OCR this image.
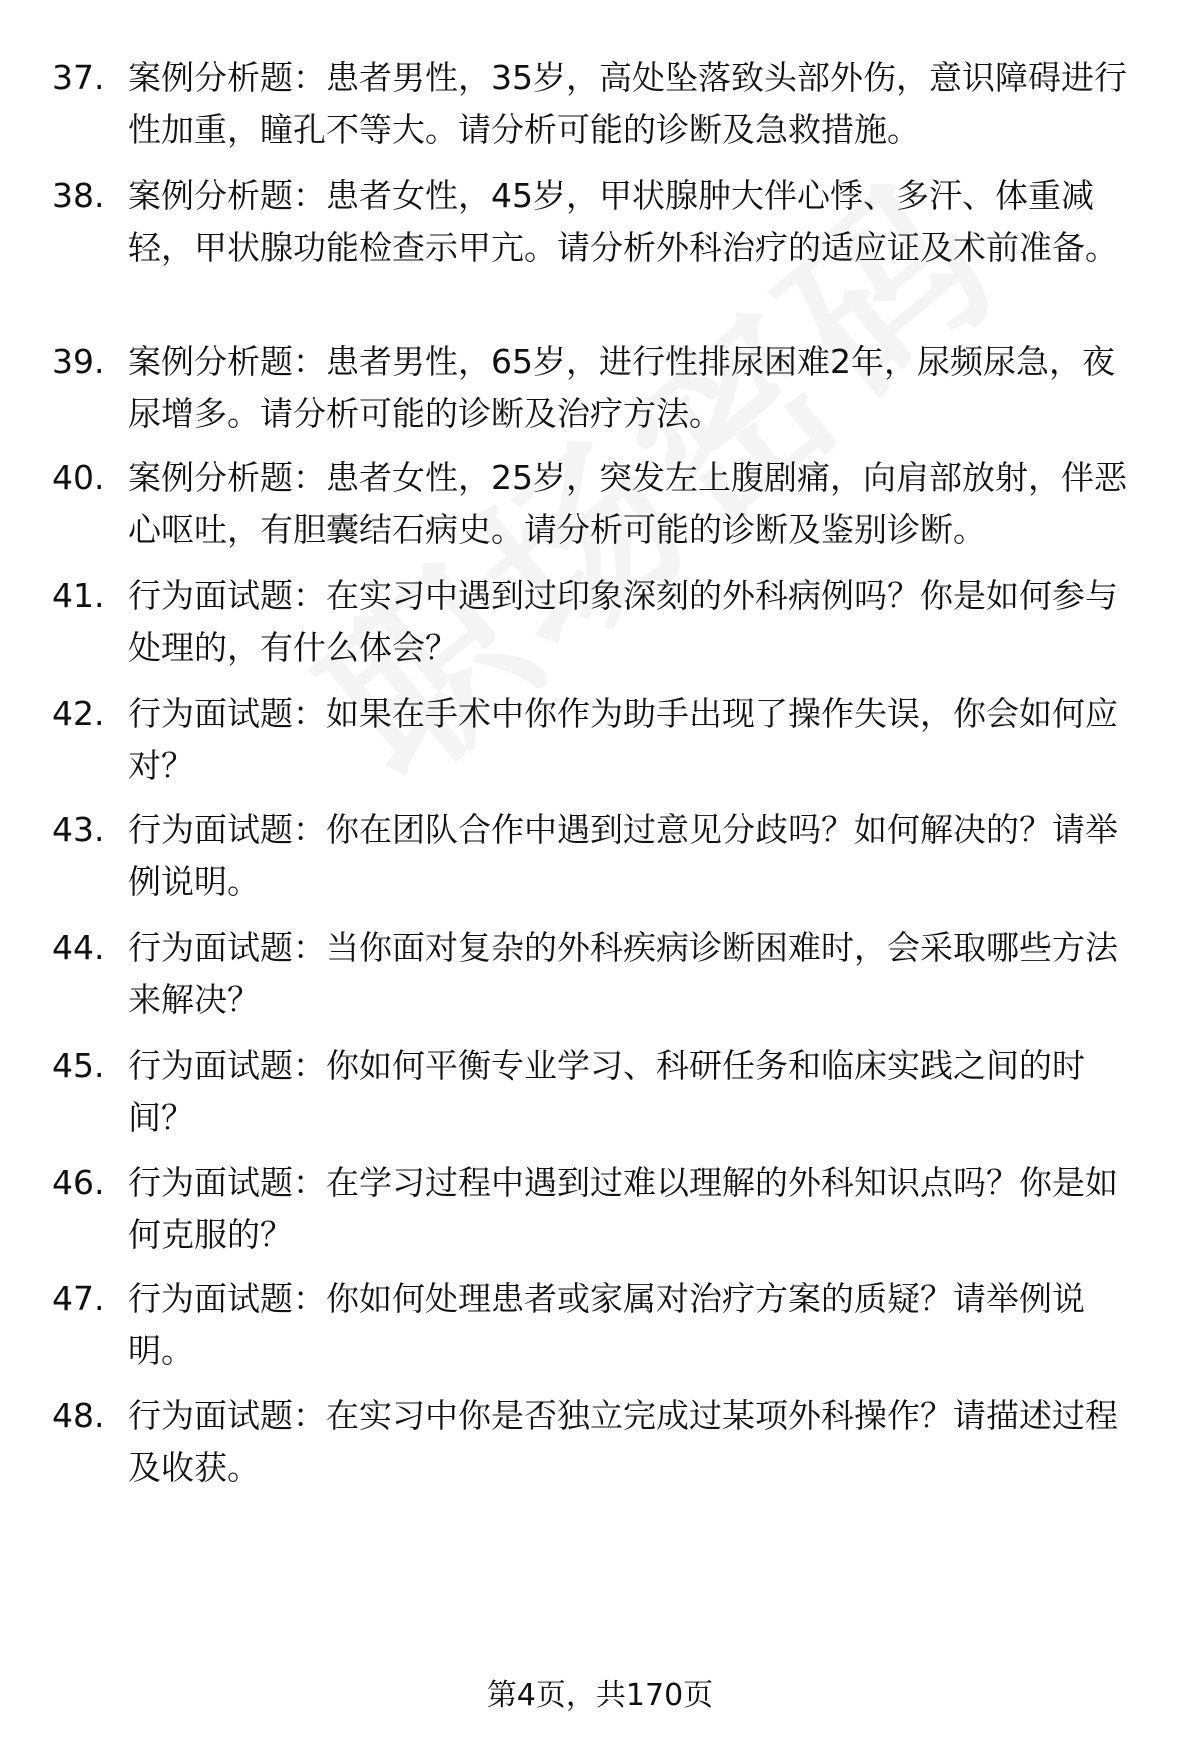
37. 案例分析题：患者男性，35岁，高处坠落致头部外伤，意识障碍进行性加重，瞳孔不等大。请分析可能的诊断及急救措施。
38. 案例分析题：患者女性，45岁，甲状腺肿大伴心悸、多汗、体重减轻，甲状腺功能检查示甲亢。请分析外科治疗的适应证及术前准备。
39. 案例分析题：患者男性，65岁，进行性排尿困难2年，尿频尿急，夜尿增多。请分析可能的诊断及治疗方法。
40. 案例分析题：患者女性，25岁，突发左上腹剧痛，向肩部放射，伴恶心呕吐，有胆囊结石病史。请分析可能的诊断及鉴别诊断。
41. 行为面试题：在实习中遇到过印象深刻的外科病例吗？你是如何参与处理的，有什么体会？
42. 行为面试题：如果在手术中你作为助手出现了操作失误，你会如何应对？
43. 行为面试题：你在团队合作中遇到过意见分歧吗？如何解决的？请举例说明。
44. 行为面试题：当你面对复杂的外科疾病诊断困难时，会采取哪些方法来解决？
45. 行为面试题：你如何平衡专业学习、科研任务和临床实践之间的时间？
46. 行为面试题：在学习过程中遇到过难以理解的外科知识点吗？你是如何克服的？
47. 行为面试题：你如何处理患者或家属对治疗方案的质疑？请举例说明。
48. 行为面试题：在实习中你是否独立完成过某项外科操作？请描述过程及收获。
第4页，共170页
